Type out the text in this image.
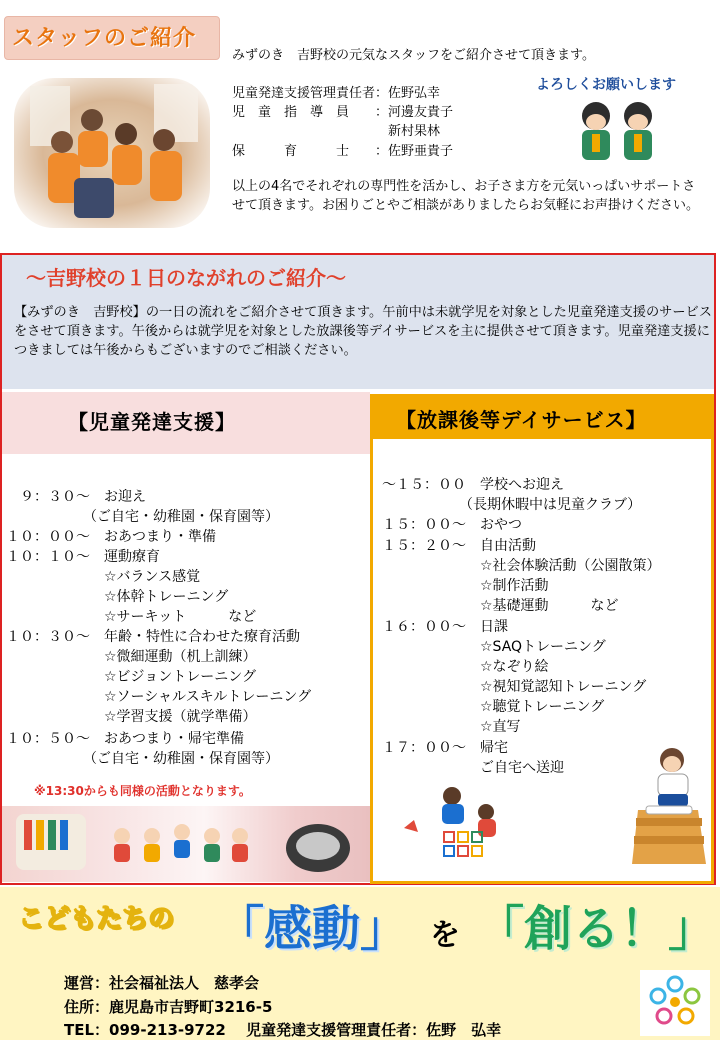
スタッフのご紹介
みずのき　吉野校の元気なスタッフをご紹介させて頂きます。
児童発達支援管理責任者：佐野弘幸
児　童　指　導　員　　：河邊友貴子
　　　　　　　　　　　　新村果林
保　　　育　　　士　　：佐野亜貴子
よろしくお願いします
以上の4名でそれぞれの専門性を活かし、お子さま方を元気いっぱいサポートさせて頂きます。お困りごとやご相談がありましたらお気軽にお声掛けください。
～吉野校の１日のながれのご紹介～
【みずのき　吉野校】の一日の流れをご紹介させて頂きます。午前中は未就学児を対象とした児童発達支援のサービスをさせて頂きます。午後からは就学児を対象とした放課後等デイサービスを主に提供させて頂きます。児童発達支援につきましては午後からもございますのでご相談ください。
【児童発達支援】
　９：３０～　お迎え
　　　　　　（ご自宅・幼稚園・保育園等）
１０：００～　おあつまり・準備
１０：１０～　運動療育
　　　　　　　☆バランス感覚
　　　　　　　☆体幹トレーニング
　　　　　　　☆サーキット　　　など
１０：３０～　年齢・特性に合わせた療育活動
　　　　　　　☆微細運動（机上訓練）
　　　　　　　☆ビジョントレーニング
　　　　　　　☆ソーシャルスキルトレーニング
　　　　　　　☆学習支援（就学準備）
１０：５０～　おあつまり・帰宅準備
　　　　　　（ご自宅・幼稚園・保育園等）
※13:30からも同様の活動となります。
【放課後等デイサービス】
～１５：００　学校へお迎え
　　　　　　（長期休暇中は児童クラブ）
１５：００～　おやつ
１５：２０～　自由活動
　　　　　　　☆社会体験活動（公園散策）
　　　　　　　☆制作活動
　　　　　　　☆基礎運動　　　など
１６：００～　日課
　　　　　　　☆SAQトレーニング
　　　　　　　☆なぞり絵
　　　　　　　☆視知覚認知トレーニング
　　　　　　　☆聴覚トレーニング
　　　　　　　☆直写
１７：００～　帰宅
　　　　　　　ご自宅へ送迎
こどもたちの 「感動」 を 「創る！」
運営：社会福祉法人　慈孝会
住所：鹿児島市吉野町3216-5
TEL：099-213-9722　 児童発達支援管理責任者：佐野　弘幸
